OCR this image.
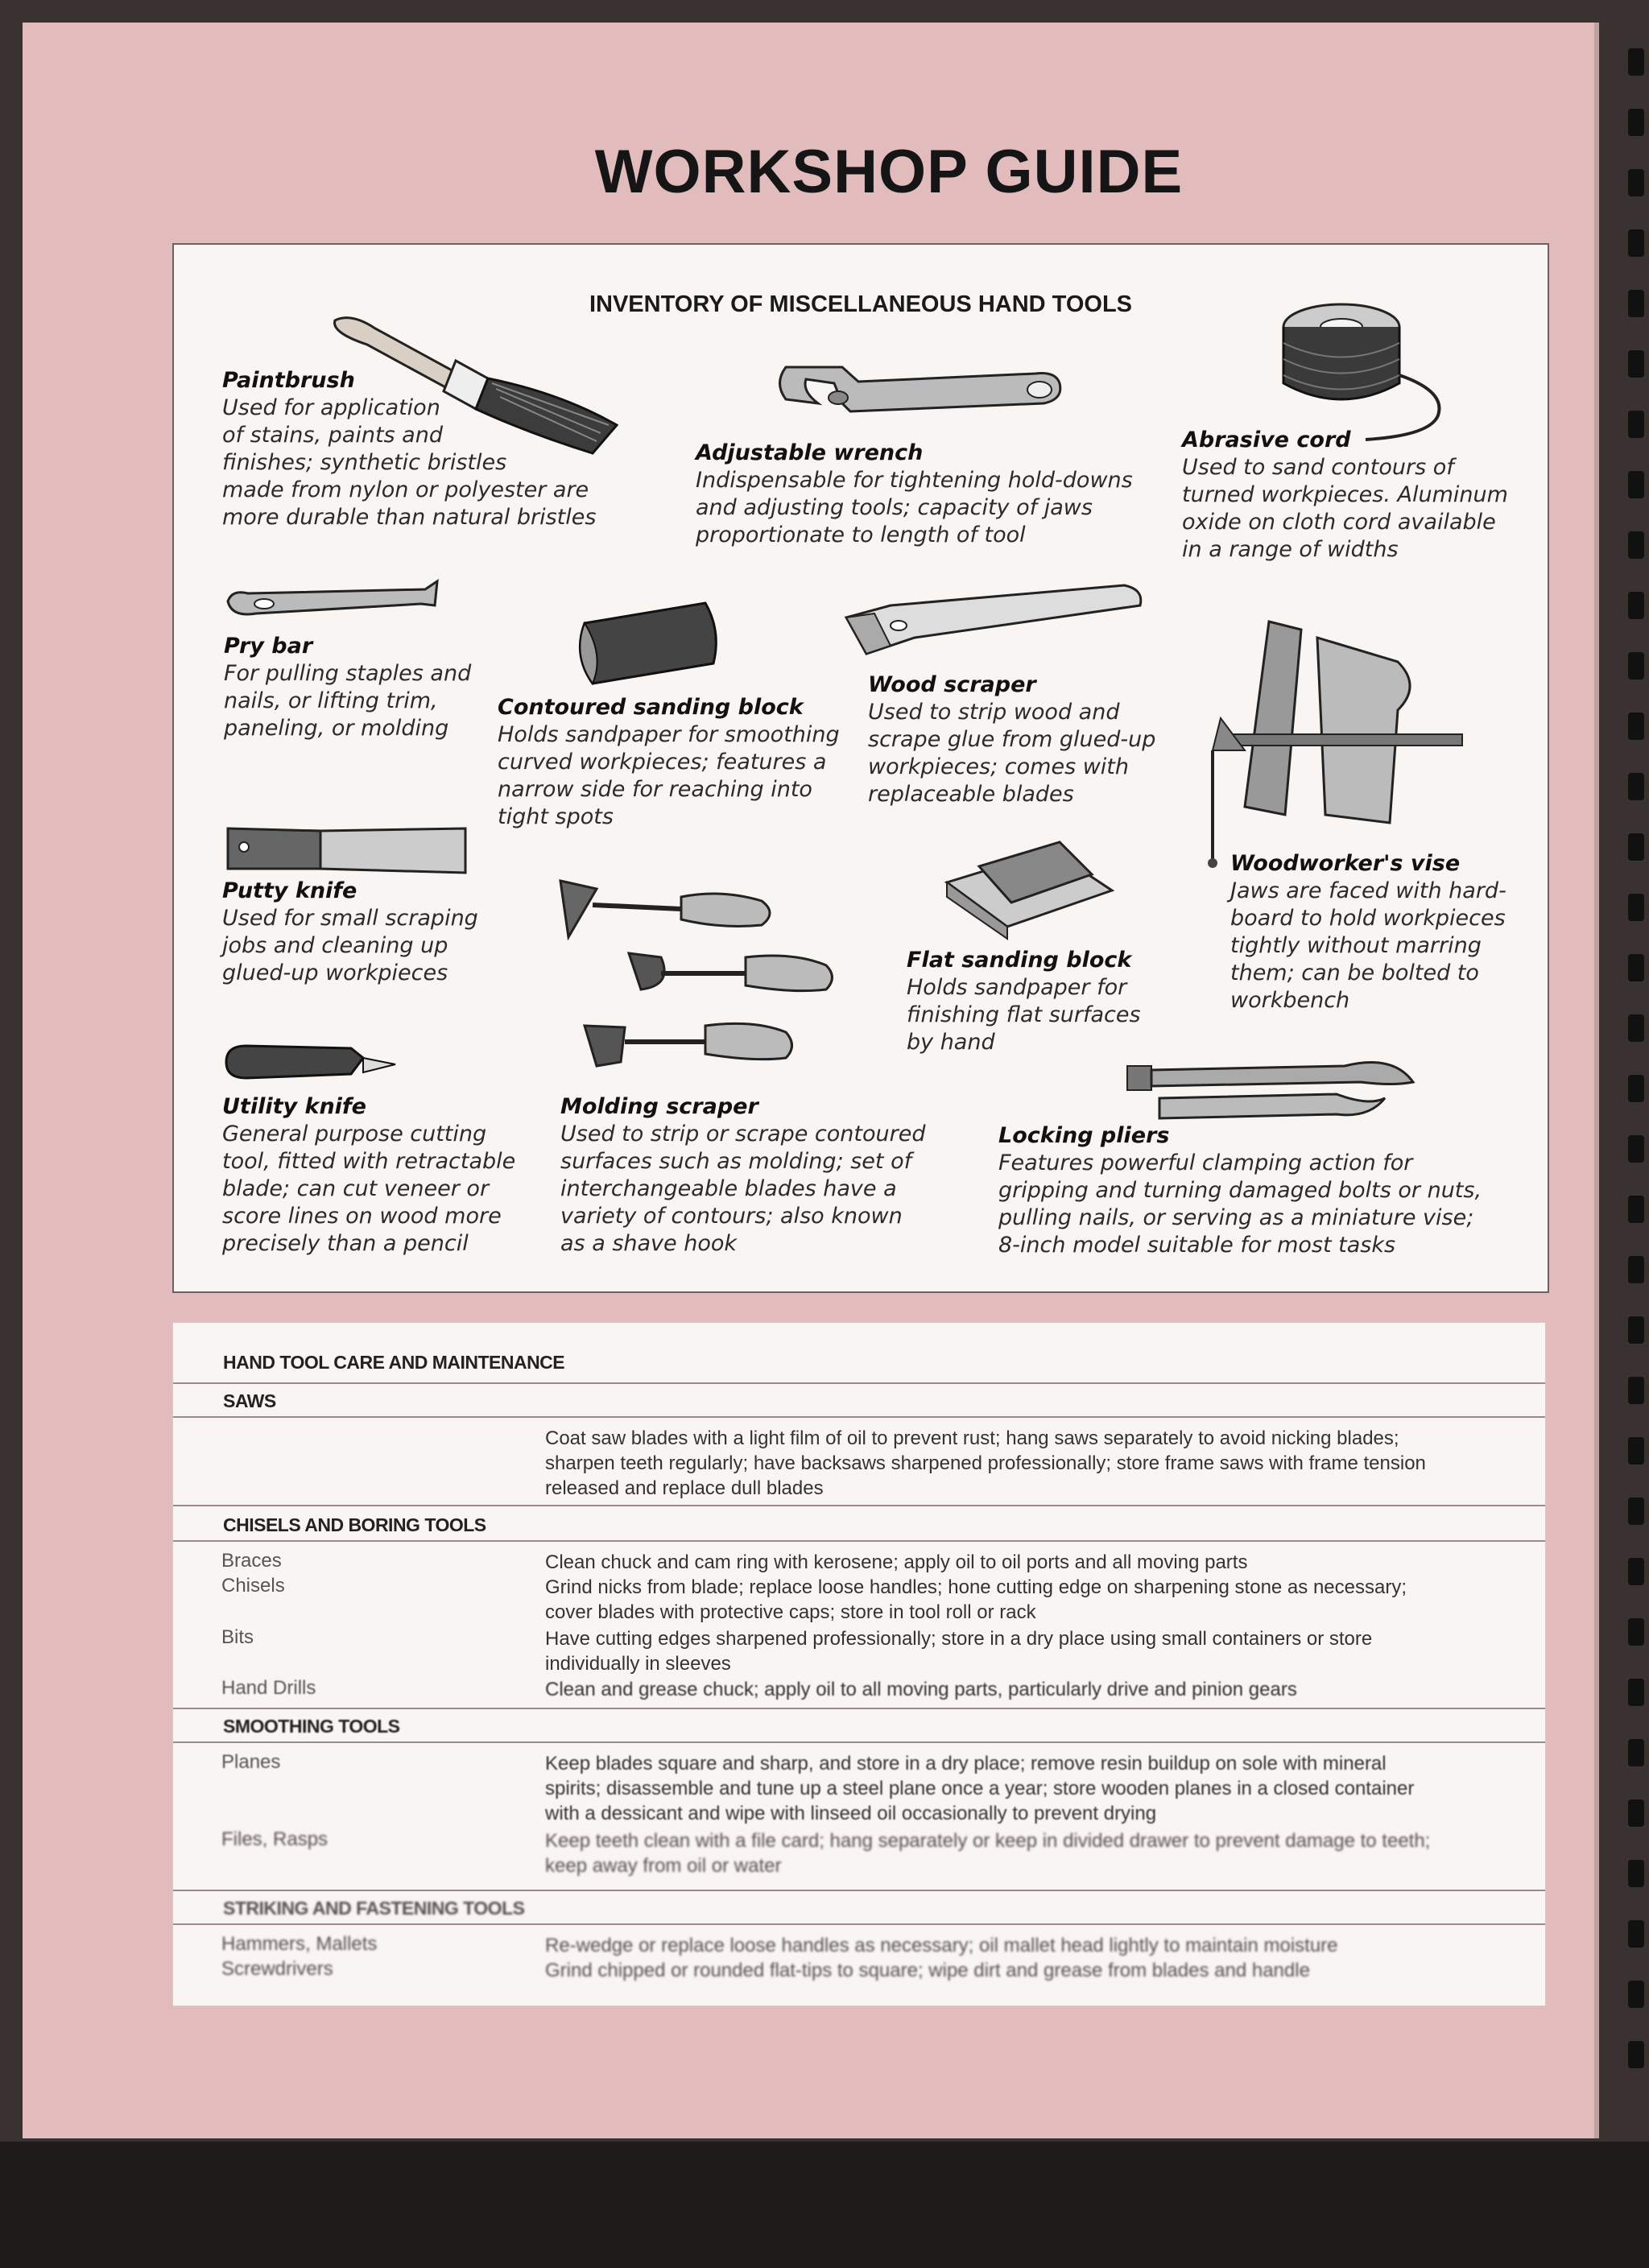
WORKSHOP GUIDE
INVENTORY OF MISCELLANEOUS HAND TOOLS
Paintbrush
Used for application
of stains, paints and
finishes; synthetic bristles
made from nylon or polyester are
more durable than natural bristles
Adjustable wrench
Indispensable for tightening hold-downs
and adjusting tools; capacity of jaws
proportionate to length of tool
Abrasive cord
Used to sand contours of
turned workpieces. Aluminum
oxide on cloth cord available
in a range of widths
Pry bar
For pulling staples and
nails, or lifting trim,
paneling, or molding
Contoured sanding block
Holds sandpaper for smoothing
curved workpieces; features a
narrow side for reaching into
tight spots
Wood scraper
Used to strip wood and
scrape glue from glued-up
workpieces; comes with
replaceable blades
Woodworker's vise
Jaws are faced with hard-
board to hold workpieces
tightly without marring
them; can be bolted to
workbench
Putty knife
Used for small scraping
jobs and cleaning up
glued-up workpieces
Molding scraper
Used to strip or scrape contoured
surfaces such as molding; set of
interchangeable blades have a
variety of contours; also known
as a shave hook
Flat sanding block
Holds sandpaper for
finishing flat surfaces
by hand
Utility knife
General purpose cutting
tool, fitted with retractable
blade; can cut veneer or
score lines on wood more
precisely than a pencil
Locking pliers
Features powerful clamping action for
gripping and turning damaged bolts or nuts,
pulling nails, or serving as a miniature vise;
8-inch model suitable for most tasks
HAND TOOL CARE AND MAINTENANCE
SAWS
Coat saw blades with a light film of oil to prevent rust; hang saws separately to avoid nicking blades;
sharpen teeth regularly; have backsaws sharpened professionally; store frame saws with frame tension
released and replace dull blades
CHISELS AND BORING TOOLS
Braces	Clean chuck and cam ring with kerosene; apply oil to oil ports and all moving parts
Chisels	Grind nicks from blade; replace loose handles; hone cutting edge on sharpening stone as necessary;
cover blades with protective caps; store in tool roll or rack
Bits	Have cutting edges sharpened professionally; store in a dry place using small containers or store
individually in sleeves
Hand Drills	Clean and grease chuck; apply oil to all moving parts, particularly drive and pinion gears
SMOOTHING TOOLS
Planes	Keep blades square and sharp, and store in a dry place; remove resin buildup on sole with mineral
spirits; disassemble and tune up a steel plane once a year; store wooden planes in a closed container
with a dessicant and wipe with linseed oil occasionally to prevent drying
Files, Rasps	Keep teeth clean with a file card; hang separately or keep in divided drawer to prevent damage to teeth;
keep away from oil or water
STRIKING AND FASTENING TOOLS
Hammers, Mallets	Re-wedge or replace loose handles as necessary; oil mallet head lightly to maintain moisture
Screwdrivers	Grind chipped or rounded flat-tips to square; wipe dirt and grease from blades and handle
